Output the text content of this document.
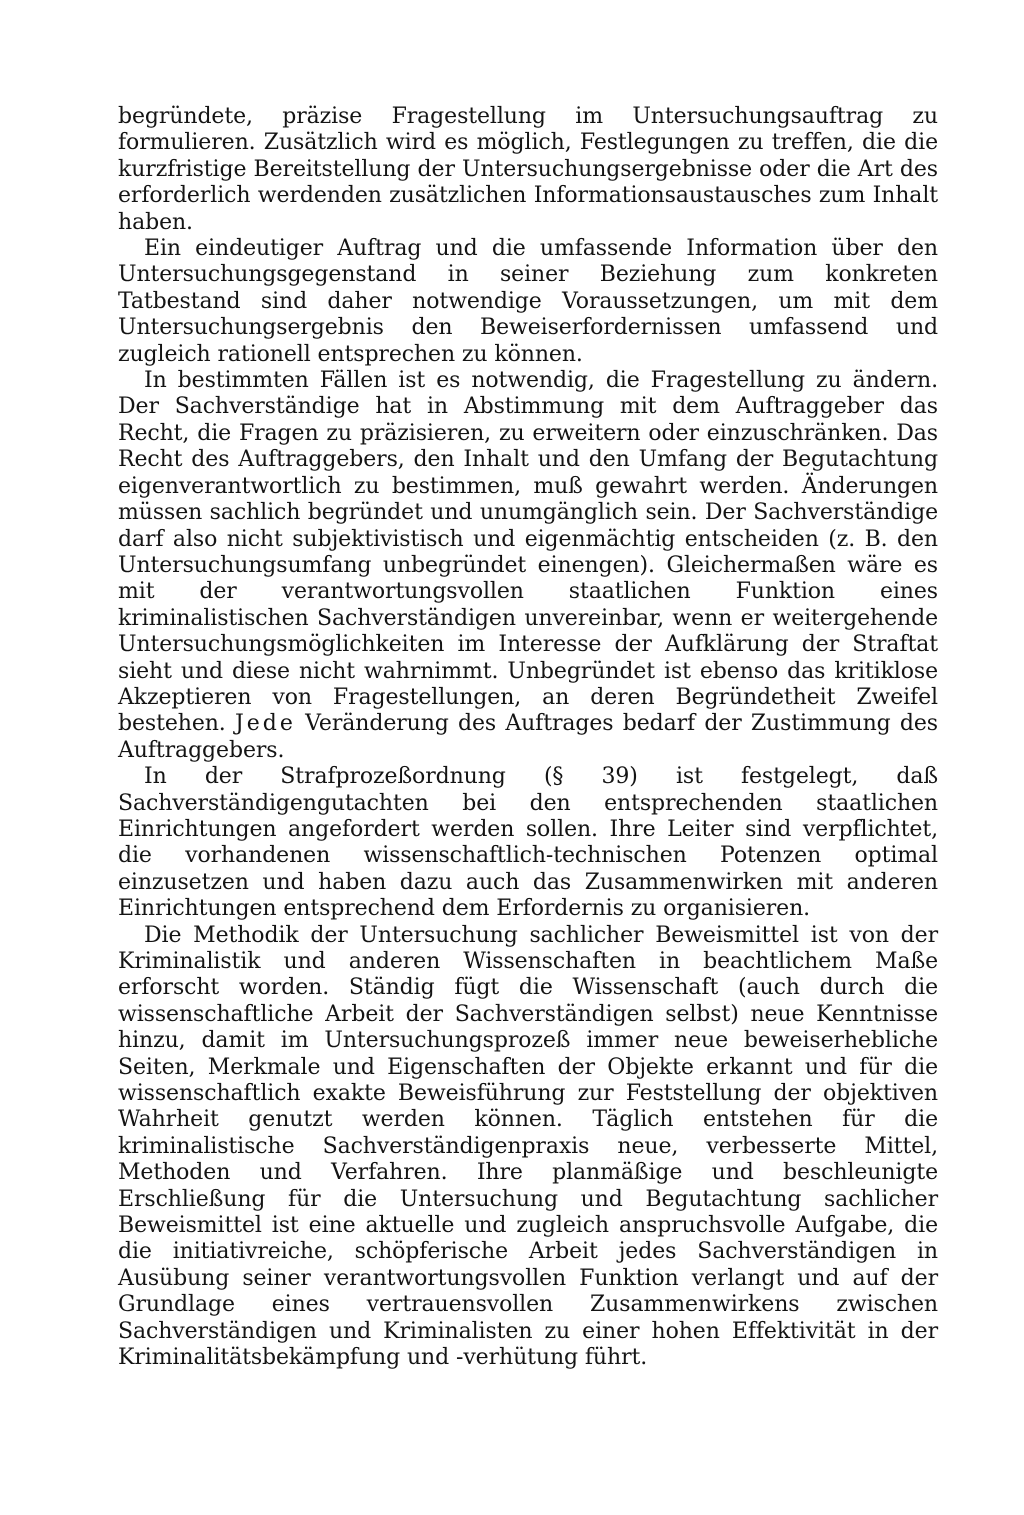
begründete, präzise Fragestellung im Untersuchungsauftrag zu formulieren. Zusätzlich wird es möglich, Festlegungen zu treffen, die die kurzfristige Bereitstellung der Untersuchungsergebnisse oder die Art des erforderlich werdenden zusätzlichen Informationsaustausches zum Inhalt haben.

Ein eindeutiger Auftrag und die umfassende Information über den Untersuchungsgegenstand in seiner Beziehung zum konkreten Tatbestand sind daher notwendige Voraussetzungen, um mit dem Untersuchungsergebnis den Beweiserfordernissen umfassend und zugleich rationell entsprechen zu können.

In bestimmten Fällen ist es notwendig, die Fragestellung zu ändern. Der Sachverständige hat in Abstimmung mit dem Auftraggeber das Recht, die Fragen zu präzisieren, zu erweitern oder einzuschränken. Das Recht des Auftraggebers, den Inhalt und den Umfang der Begutachtung eigenverantwortlich zu bestimmen, muß gewahrt werden. Änderungen müssen sachlich begründet und unumgänglich sein. Der Sachverständige darf also nicht subjektivistisch und eigenmächtig entscheiden (z. B. den Untersuchungsumfang unbegründet einengen). Gleichermaßen wäre es mit der verantwortungsvollen staatlichen Funktion eines kriminalistischen Sachverständigen unvereinbar, wenn er weitergehende Untersuchungsmöglichkeiten im Interesse der Aufklärung der Straftat sieht und diese nicht wahrnimmt. Unbegründet ist ebenso das kritiklose Akzeptieren von Fragestellungen, an deren Begründetheit Zweifel bestehen. Jede Veränderung des Auftrages bedarf der Zustimmung des Auftraggebers.

In der Strafprozeßordnung (§ 39) ist festgelegt, daß Sachverständigengutachten bei den entsprechenden staatlichen Einrichtungen angefordert werden sollen. Ihre Leiter sind verpflichtet, die vorhandenen wissenschaftlich-technischen Potenzen optimal einzusetzen und haben dazu auch das Zusammenwirken mit anderen Einrichtungen entsprechend dem Erfordernis zu organisieren.

Die Methodik der Untersuchung sachlicher Beweismittel ist von der Kriminalistik und anderen Wissenschaften in beachtlichem Maße erforscht worden. Ständig fügt die Wissenschaft (auch durch die wissenschaftliche Arbeit der Sachverständigen selbst) neue Kenntnisse hinzu, damit im Untersuchungsprozeß immer neue beweiserhebliche Seiten, Merkmale und Eigenschaften der Objekte erkannt und für die wissenschaftlich exakte Beweisführung zur Feststellung der objektiven Wahrheit genutzt werden können. Täglich entstehen für die kriminalistische Sachverständigenpraxis neue, verbesserte Mittel, Methoden und Verfahren. Ihre planmäßige und beschleunigte Erschließung für die Untersuchung und Begutachtung sachlicher Beweismittel ist eine aktuelle und zugleich anspruchsvolle Aufgabe, die die initiativreiche, schöpferische Arbeit jedes Sachverständigen in Ausübung seiner verantwortungsvollen Funktion verlangt und auf der Grundlage eines vertrauensvollen Zusammenwirkens zwischen Sachverständigen und Kriminalisten zu einer hohen Effektivität in der Kriminalitätsbekämpfung und -verhütung führt.
